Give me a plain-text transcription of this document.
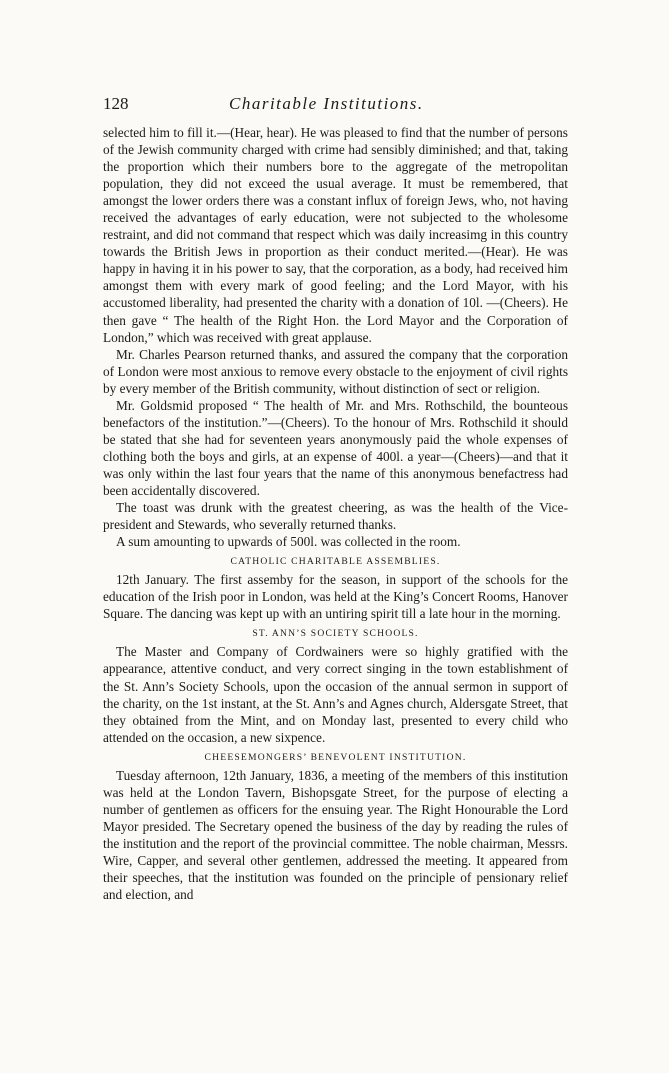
128	Charitable Institutions.

selected him to fill it.—(Hear, hear). He was pleased to find that the number of persons of the Jewish community charged with crime had sensibly diminished; and that, taking the proportion which their numbers bore to the aggregate of the metropolitan population, they did not exceed the usual average. It must be remembered, that amongst the lower orders there was a constant influx of foreign Jews, who, not having received the advantages of early education, were not subjected to the wholesome restraint, and did not command that respect which was daily increasimg in this country towards the British Jews in proportion as their conduct merited.—(Hear). He was happy in having it in his power to say, that the corporation, as a body, had received him amongst them with every mark of good feeling; and the Lord Mayor, with his accustomed liberality, had presented the charity with a donation of 10l. —(Cheers). He then gave “ The health of the Right Hon. the Lord Mayor and the Corporation of London,” which was received with great applause.

Mr. Charles Pearson returned thanks, and assured the company that the corporation of London were most anxious to remove every obstacle to the enjoyment of civil rights by every member of the British community, without distinction of sect or religion.

Mr. Goldsmid proposed “ The health of Mr. and Mrs. Rothschild, the bounteous benefactors of the institution.”—(Cheers). To the honour of Mrs. Rothschild it should be stated that she had for seventeen years anonymously paid the whole expenses of clothing both the boys and girls, at an expense of 400l. a year—(Cheers)—and that it was only within the last four years that the name of this anonymous benefactress had been accidentally discovered.

The toast was drunk with the greatest cheering, as was the health of the Vice-president and Stewards, who severally returned thanks.

A sum amounting to upwards of 500l. was collected in the room.

CATHOLIC CHARITABLE ASSEMBLIES.

12th January. The first assemby for the season, in support of the schools for the education of the Irish poor in London, was held at the King’s Concert Rooms, Hanover Square. The dancing was kept up with an untiring spirit till a late hour in the morning.

ST. ANN’S SOCIETY SCHOOLS.

The Master and Company of Cordwainers were so highly gratified with the appearance, attentive conduct, and very correct singing in the town establishment of the St. Ann’s Society Schools, upon the occasion of the annual sermon in support of the charity, on the 1st instant, at the St. Ann’s and Agnes church, Aldersgate Street, that they obtained from the Mint, and on Monday last, presented to every child who attended on the occasion, a new sixpence.

CHEESEMONGERS’ BENEVOLENT INSTITUTION.

Tuesday afternoon, 12th January, 1836, a meeting of the members of this institution was held at the London Tavern, Bishopsgate Street, for the purpose of electing a number of gentlemen as officers for the ensuing year. The Right Honourable the Lord Mayor presided. The Secretary opened the business of the day by reading the rules of the institution and the report of the provincial committee. The noble chairman, Messrs. Wire, Capper, and several other gentlemen, addressed the meeting. It appeared from their speeches, that the institution was founded on the principle of pensionary relief and election, and
